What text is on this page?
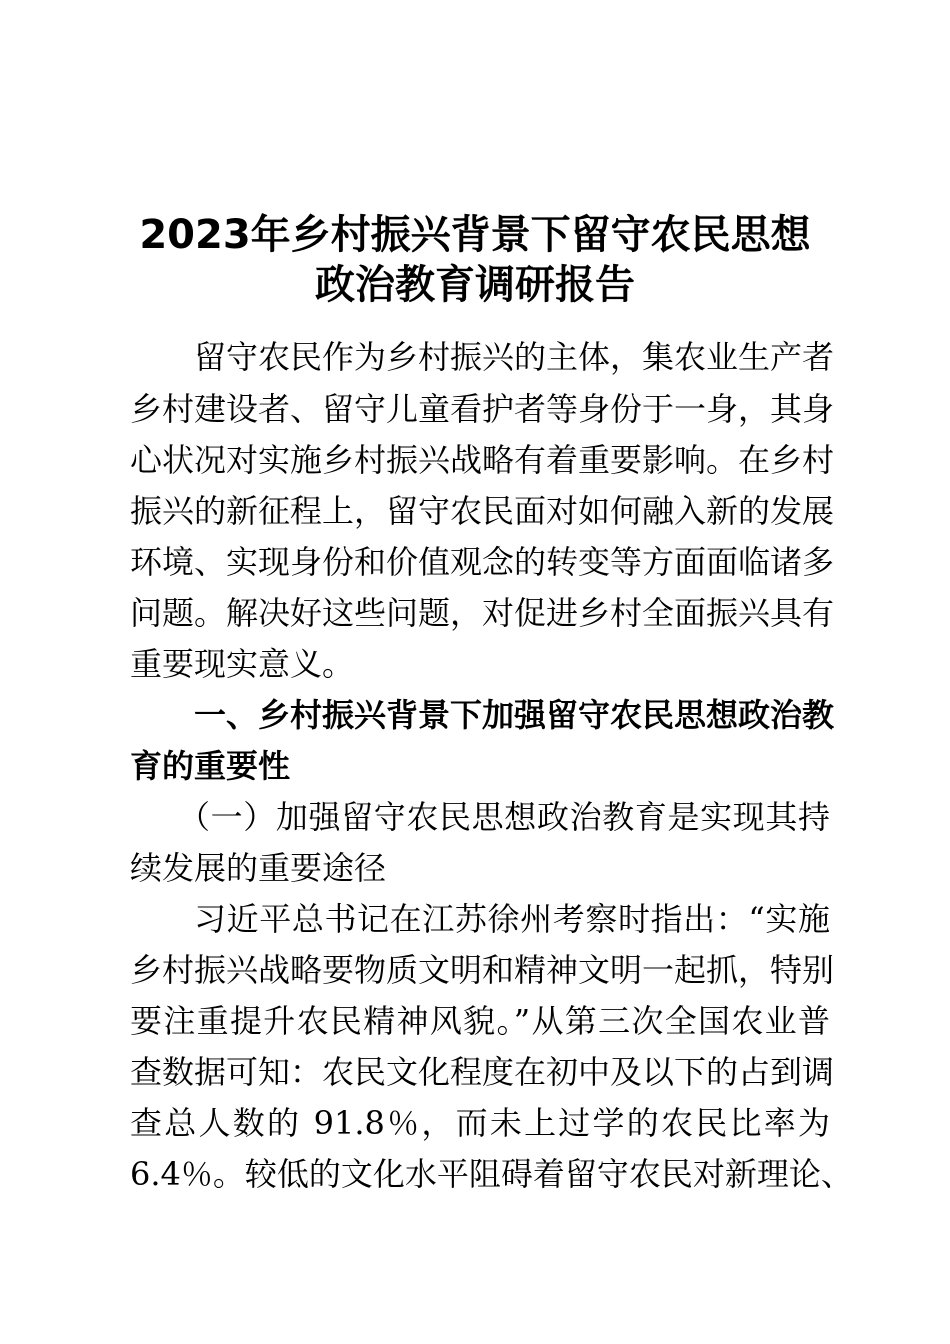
2023年乡村振兴背景下留守农民思想
政治教育调研报告
留守农民作为乡村振兴的主体，集农业生产者
乡村建设者、留守儿童看护者等身份于一身，其身
心状况对实施乡村振兴战略有着重要影响。在乡村
振兴的新征程上，留守农民面对如何融入新的发展
环境、实现身份和价值观念的转变等方面面临诸多
问题。解决好这些问题，对促进乡村全面振兴具有
重要现实意义。
一、乡村振兴背景下加强留守农民思想政治教
育的重要性
（一）加强留守农民思想政治教育是实现其持
续发展的重要途径
习近平总书记在江苏徐州考察时指出：“实施
乡村振兴战略要物质文明和精神文明一起抓，特别
要注重提升农民精神风貌。”从第三次全国农业普
查数据可知：农民文化程度在初中及以下的占到调
查总人数的 91.8％，而未上过学的农民比率为
6.4％。较低的文化水平阻碍着留守农民对新理论、
